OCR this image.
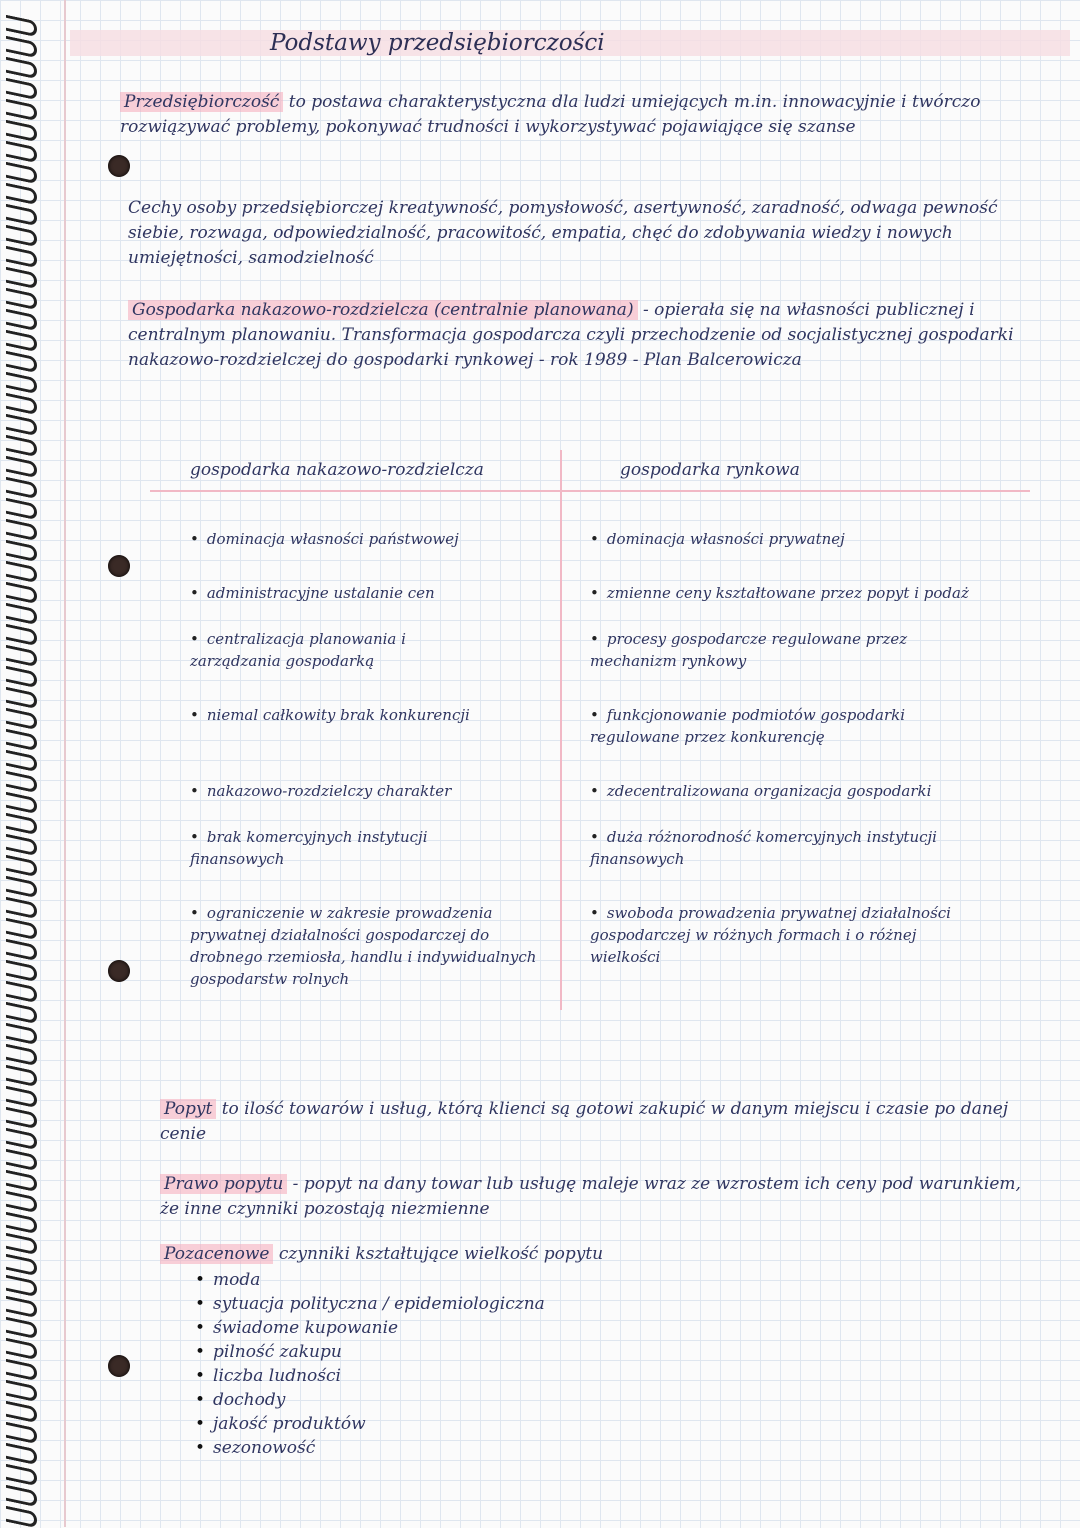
Podstawy przedsiębiorczości
Przedsiębiorczość to postawa charakterystyczna dla ludzi umiejących m.in. innowacyjnie i twórczo rozwiązywać problemy, pokonywać trudności i wykorzystywać pojawiające się szanse
Cechy osoby przedsiębiorczej kreatywność, pomysłowość, asertywność, zaradność, odwaga pewność siebie, rozwaga, odpowiedzialność, pracowitość, empatia, chęć do zdobywania wiedzy i nowych umiejętności, samodzielność
Gospodarka nakazowo-rozdzielcza (centralnie planowana) - opierała się na własności publicznej i centralnym planowaniu. Transformacja gospodarcza czyli przechodzenie od socjalistycznej gospodarki nakazowo-rozdzielczej do gospodarki rynkowej - rok 1989 - Plan Balcerowicza
gospodarka nakazowo-rozdzielcza
• dominacja własności państwowej
• administracyjne ustalanie cen
• centralizacja planowania i zarządzania gospodarką
• niemal całkowity brak konkurencji
• nakazowo-rozdzielczy charakter
• brak komercyjnych instytucji finansowych
• ograniczenie w zakresie prowadzenia prywatnej działalności gospodarczej do drobnego rzemiosła, handlu i indywidualnych gospodarstw rolnych
gospodarka rynkowa
• dominacja własności prywatnej
• zmienne ceny kształtowane przez popyt i podaż
• procesy gospodarcze regulowane przez mechanizm rynkowy
• funkcjonowanie podmiotów gospodarki regulowane przez konkurencję
• zdecentralizowana organizacja gospodarki
• duża różnorodność komercyjnych instytucji finansowych
• swoboda prowadzenia prywatnej działalności gospodarczej w różnych formach i o różnej wielkości
Popyt to ilość towarów i usług, którą klienci są gotowi zakupić w danym miejscu i czasie po danej cenie
Prawo popytu - popyt na dany towar lub usługę maleje wraz ze wzrostem ich ceny pod warunkiem, że inne czynniki pozostają niezmienne
Pozacenowe czynniki kształtujące wielkość popytu
• moda
• sytuacja polityczna / epidemiologiczna
• świadome kupowanie
• pilność zakupu
• liczba ludności
• dochody
• jakość produktów
• sezonowość
